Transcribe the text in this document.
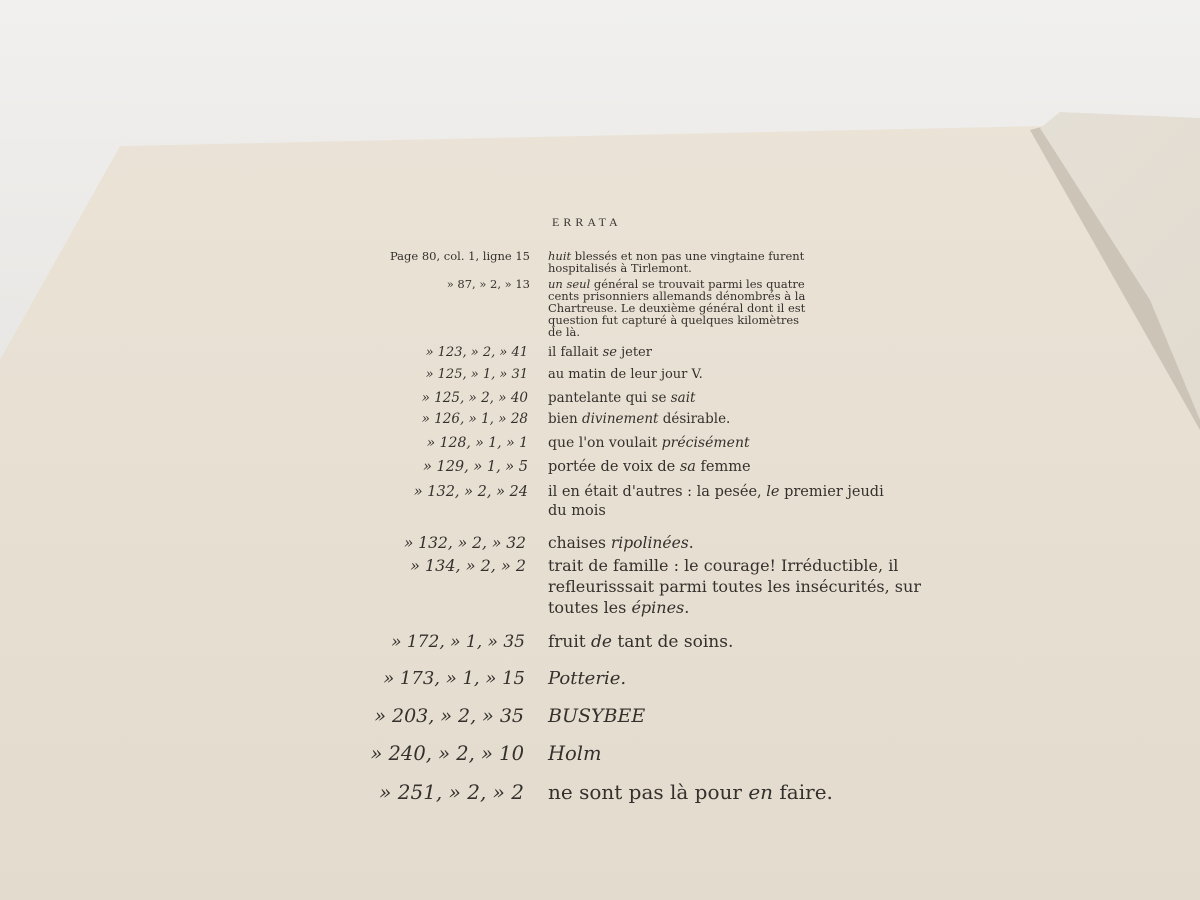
ERRATA
Page 80, col. 1, ligne 15 huit blessés et non pas une vingtaine furent
hospitalisés à Tirlemont.
» 87, » 2, » 13 un seul général se trouvait parmi les quatre
cents prisonniers allemands dénombrés à la
Chartreuse. Le deuxième général dont il est
question fut capturé à quelques kilomètres
de là.
» 123, » 2, » 41 il fallait se jeter
» 125, » 1, » 31 au matin de leur jour V.
» 125, » 2, » 40 pantelante qui se sait
» 126, » 1, » 28 bien divinement désirable.
» 128, » 1, » 1 que l'on voulait précisément
» 129, » 1, » 5 portée de voix de sa femme
» 132, » 2, » 24 il en était d'autres : la pesée, le premier jeudi
du mois
» 132, » 2, » 32 chaises ripolinées.
» 134, » 2, » 2 trait de famille : le courage! Irréductible, il
refleurisssait parmi toutes les insécurités, sur
toutes les épines.
» 172, » 1, » 35 fruit de tant de soins.
» 173, » 1, » 15 Potterie.
» 203, » 2, » 35 BUSYBEE
» 240, » 2, » 10 Holm
» 251, » 2, » 2 ne sont pas là pour en faire.
